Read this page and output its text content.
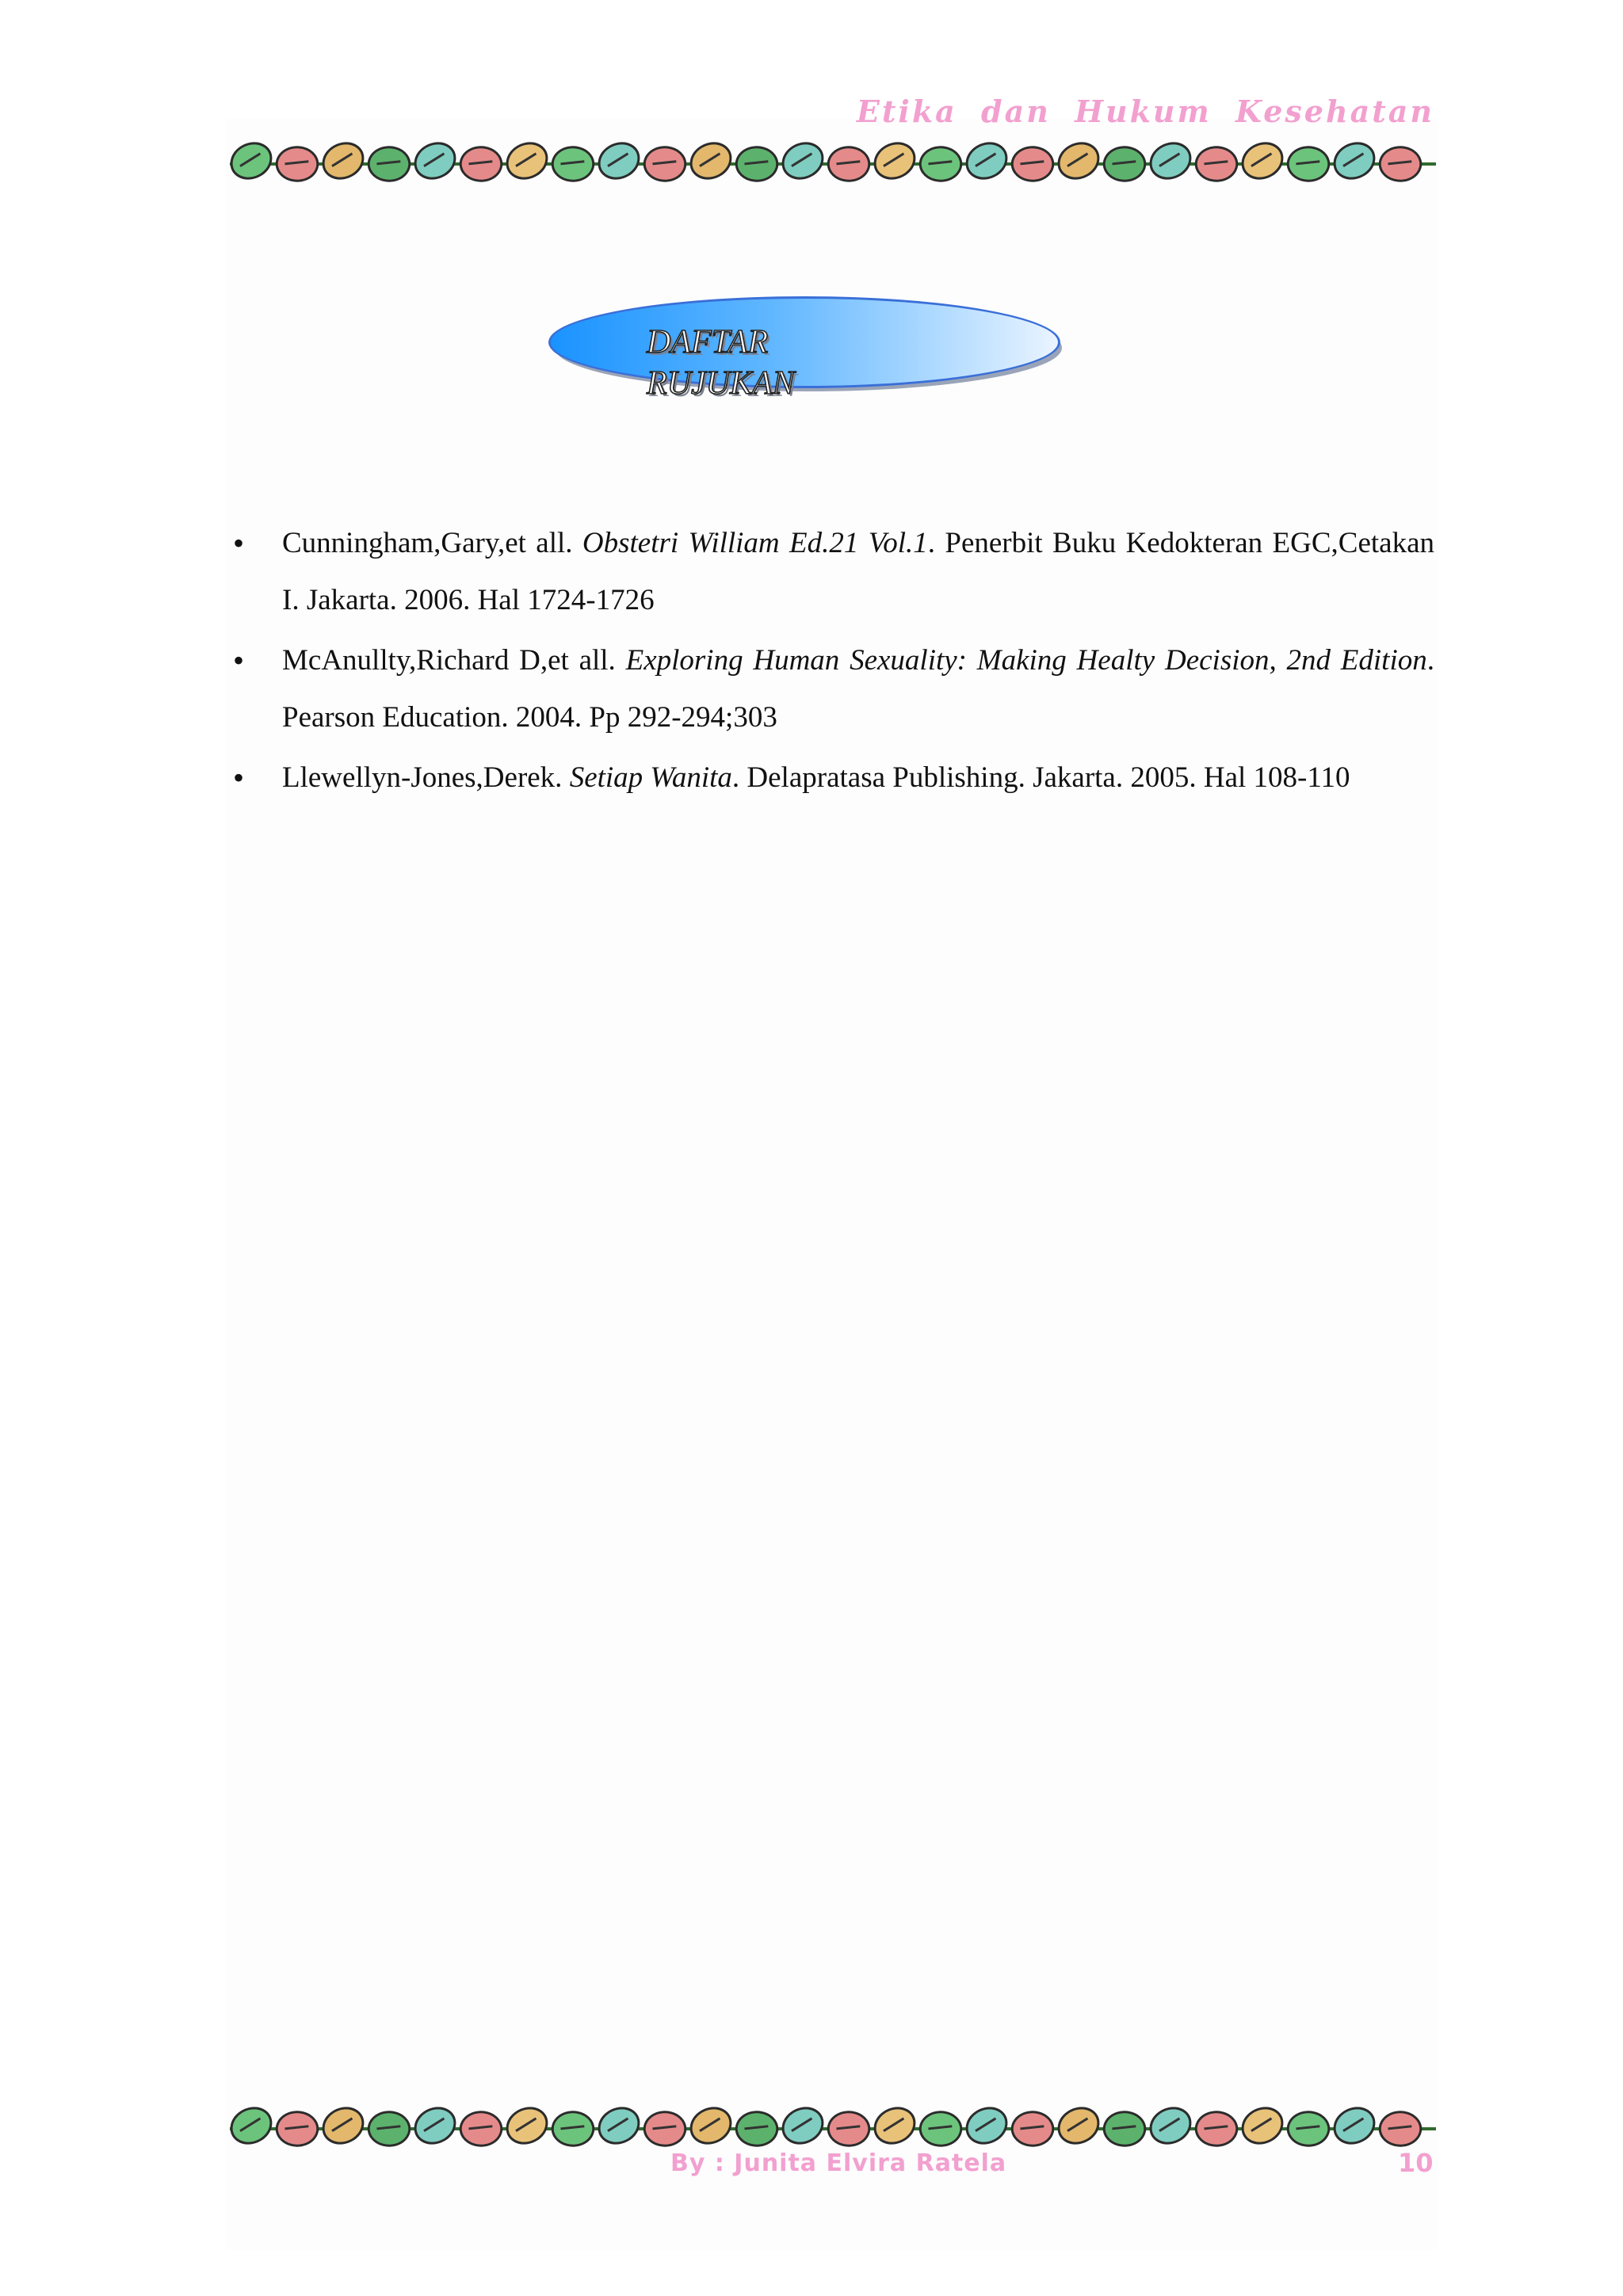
Etika dan Hukum Kesehatan
DAFTAR RUJUKAN
• Cunningham,Gary,et all. Obstetri William Ed.21 Vol.1. Penerbit Buku Kedokteran EGC,Cetakan I. Jakarta. 2006. Hal 1724-1726
• McAnullty,Richard D,et all. Exploring Human Sexuality: Making Healty Decision, 2nd Edition. Pearson Education. 2004. Pp 292-294;303
• Llewellyn-Jones,Derek. Setiap Wanita. Delapratasa Publishing. Jakarta. 2005. Hal 108-110
By : Junita Elvira Ratela	10
